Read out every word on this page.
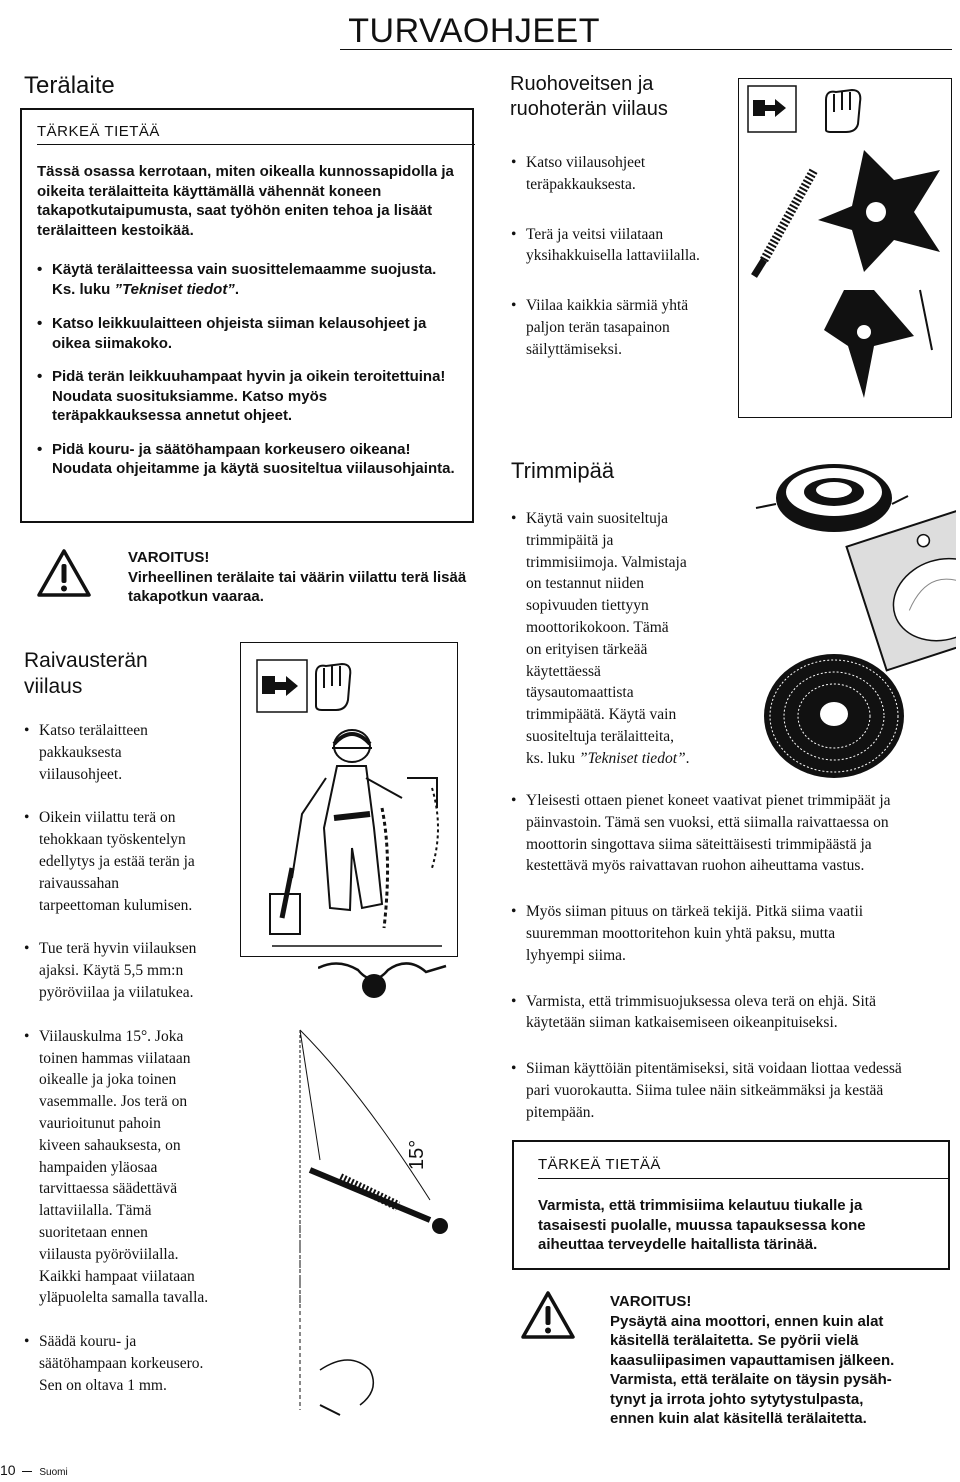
TURVAOHJEET
Terälaite
TÄRKEÄ TIETÄÄ
Tässä osassa kerrotaan, miten oikealla kunnossapidolla ja oikeita terälaitteita käyttämällä vähennät koneen takapotkutaipumusta, saat työhön eniten tehoa ja lisäät terälaitteen kestoikää.
• Käytä terälaitteessa vain suosittelemaamme suojusta. Ks. luku ”Tekniset tiedot”.
• Katso leikkuulaitteen ohjeista siiman kelausohjeet ja oikea siimakoko.
• Pidä terän leikkuuhampaat hyvin ja oikein teroitettuina! Noudata suosituksiamme. Katso myös teräpakkauksessa annetut ohjeet.
• Pidä kouru- ja säätöhampaan korkeusero oikeana! Noudata ohjeitamme ja käytä suositeltua viilausohjainta.
VAROITUS!
Virheellinen terälaite tai väärin viilattu terä lisää takapotkun vaaraa.
Raivausterän
viilaus
• Katso terälaitteen
pakkauksesta
viilausohjeet.
• Oikein viilattu terä on
tehokkaan työskentelyn
edellytys ja estää terän ja
raivaussahan
tarpeettoman kulumisen.
• Tue terä hyvin viilauksen
ajaksi. Käytä 5,5 mm:n
pyöröviilaa ja viilatukea.
• Viilauskulma 15°. Joka
toinen hammas viilataan
oikealle ja joka toinen
vasemmalle. Jos terä on
vaurioitunut pahoin
kiveen sahauksesta, on
hampaiden yläosaa
tarvittaessa säädettävä
lattaviilalla. Tämä
suoritetaan ennen
viilausta pyöröviilalla.
Kaikki hampaat viilataan
yläpuolelta samalla tavalla.
• Säädä kouru- ja
säätöhampaan korkeusero.
Sen on oltava 1 mm.
15°
Ruohoveitsen ja
ruohoterän viilaus
• Katso viilausohjeet
teräpakkauksesta.
• Terä ja veitsi viilataan
yksihakkuisella lattaviilalla.
• Viilaa kaikkia särmiä yhtä
paljon terän tasapainon
säilyttämiseksi.
Trimmipää
• Käytä vain suositeltuja
trimmipäitä ja
trimmisiimoja. Valmistaja
on testannut niiden
sopivuuden tiettyyn
moottorikokoon. Tämä
on erityisen tärkeää
käytettäessä
täysautomaattista
trimmipäätä. Käytä vain
suositeltuja terälaitteita,
ks. luku ”Tekniset tiedot”.
• Yleisesti ottaen pienet koneet vaativat pienet trimmipäät ja
päinvastoin. Tämä sen vuoksi, että siimalla raivattaessa on
moottorin singottava siima säteittäisesti trimmipäästä ja
kestettävä myös raivattavan ruohon aiheuttama vastus.
• Myös siiman pituus on tärkeä tekijä. Pitkä siima vaatii
suuremman moottoritehon kuin yhtä paksu, mutta
lyhyempi siima.
• Varmista, että trimmisuojuksessa oleva terä on ehjä. Sitä
käytetään siiman katkaisemiseen oikeanpituiseksi.
• Siiman käyttöiän pitentämiseksi, sitä voidaan liottaa vedessä
pari vuorokautta. Siima tulee näin sitkeämmäksi ja kestää
pitempään.
TÄRKEÄ TIETÄÄ
Varmista, että trimmisiima kelautuu tiukalle ja tasaisesti puolalle, muussa tapauksessa kone aiheuttaa terveydelle haitallista tärinää.
VAROITUS!
Pysäytä aina moottori, ennen kuin alat
käsitellä terälaitetta. Se pyörii vielä
kaasuliipasimen vapauttamisen jälkeen.
Varmista, että terälaite on täysin pysäh-
tynyt ja irrota johto sytytystulpasta,
ennen kuin alat käsitellä terälaitetta.
10 Suomi
